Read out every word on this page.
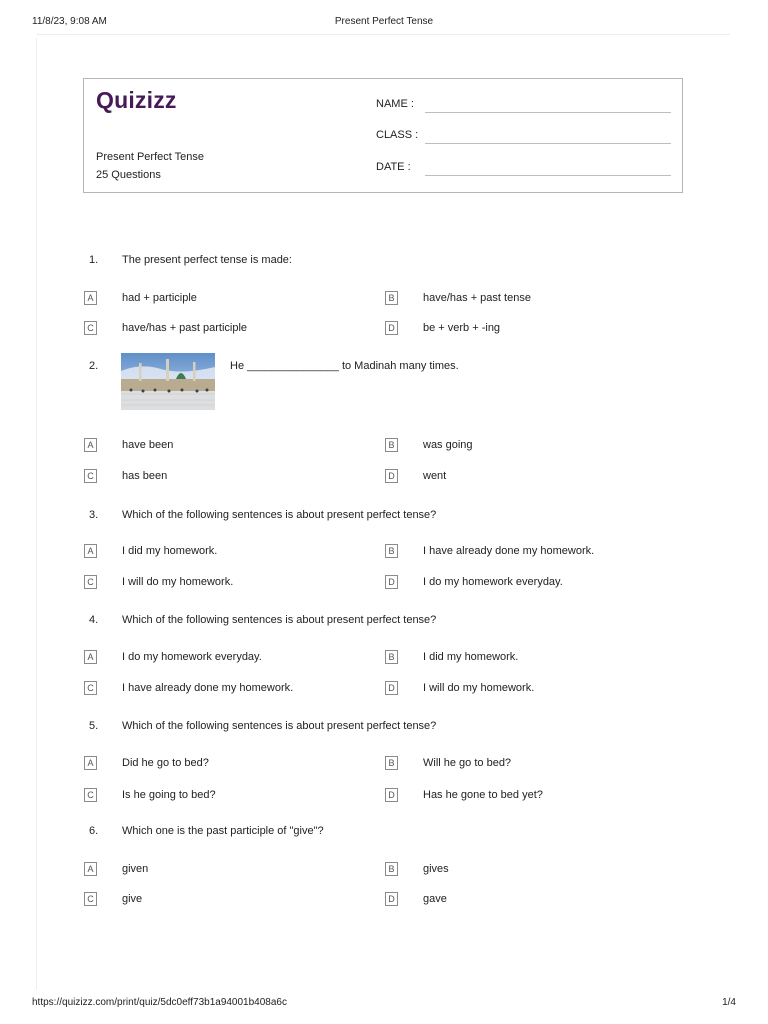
11/8/23, 9:08 AM	Present Perfect Tense
Quizizz
Present Perfect Tense
25 Questions
NAME :
CLASS :
DATE :
1. The present perfect tense is made:
A	had + participle	B	have/has + past tense
C	have/has + past participle	D	be + verb + -ing
2.	He _______________ to Madinah many times.
A	have been	B	was going
C	has been	D	went
3. Which of the following sentences is about present perfect tense?
A	I did my homework.	B	I have already done my homework.
C	I will do my homework.	D	I do my homework everyday.
4. Which of the following sentences is about present perfect tense?
A	I do my homework everyday.	B	I did my homework.
C	I have already done my homework.	D	I will do my homework.
5. Which of the following sentences is about present perfect tense?
A	Did he go to bed?	B	Will he go to bed?
C	Is he going to bed?	D	Has he gone to bed yet?
6. Which one is the past participle of "give"?
A	given	B	gives
C	give	D	gave
https://quizizz.com/print/quiz/5dc0eff73b1a94001b408a6c	1/4
